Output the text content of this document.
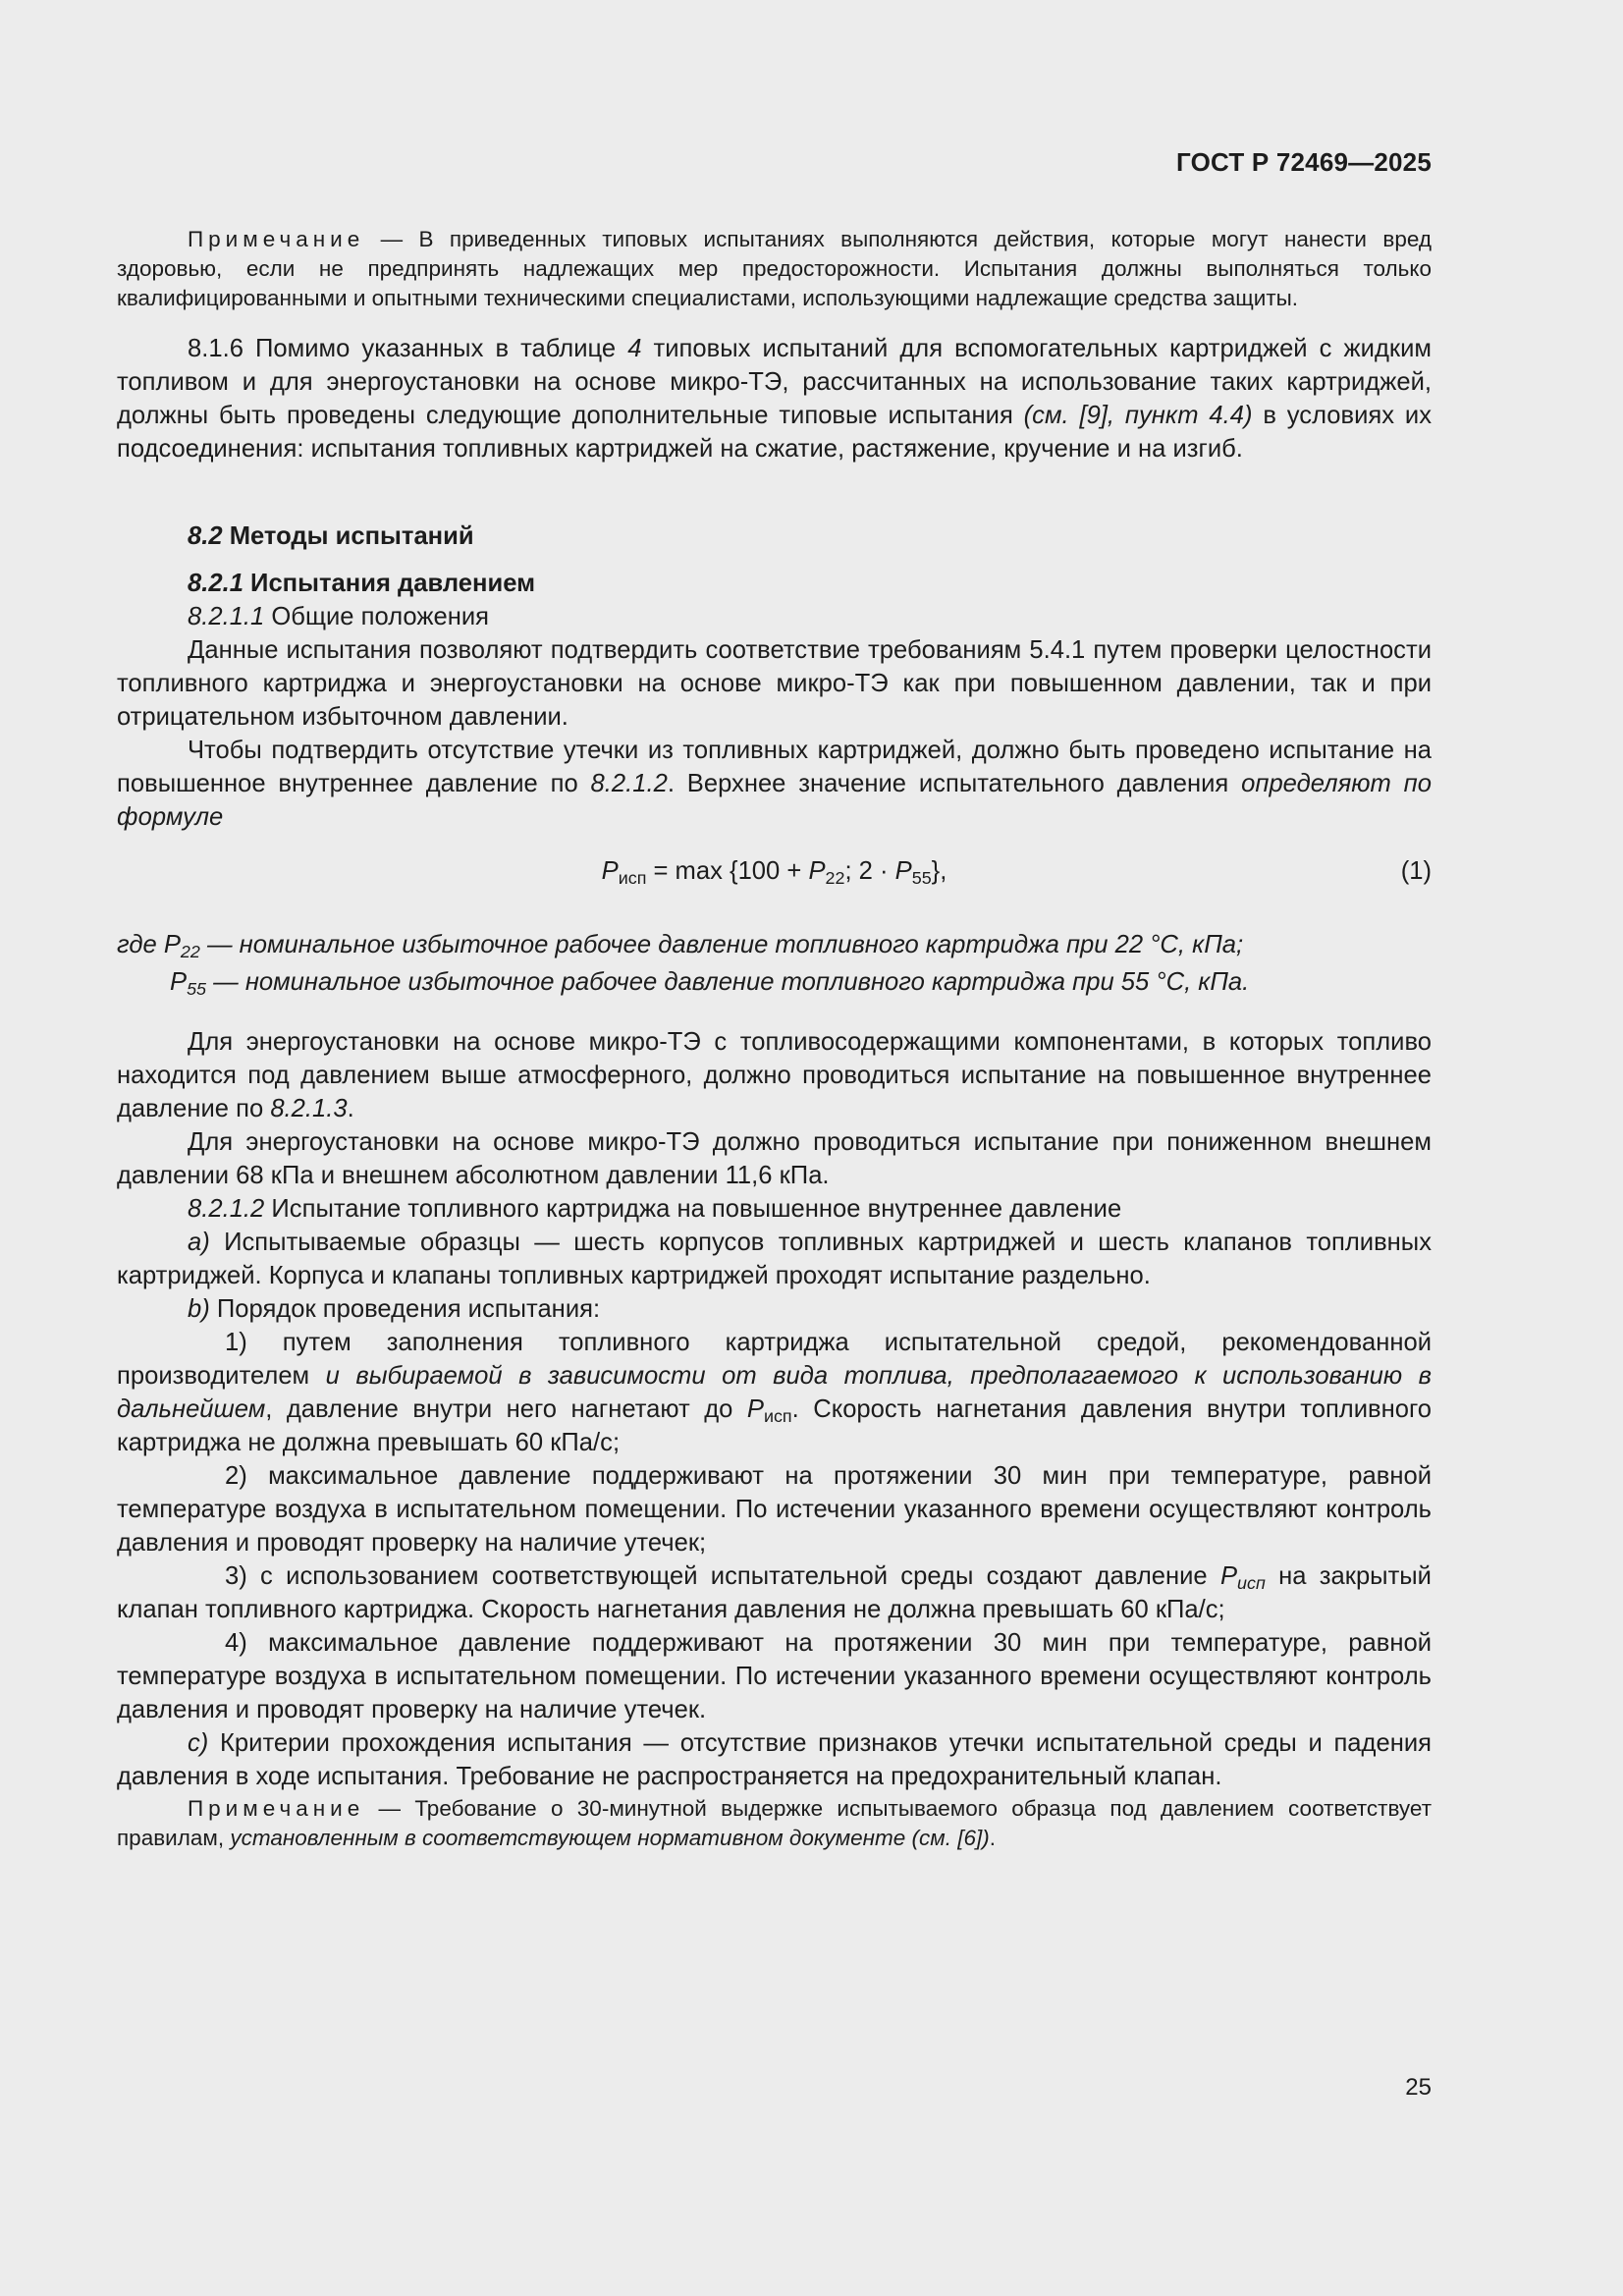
ГОСТ Р 72469—2025

Примечание — В приведенных типовых испытаниях выполняются действия, которые могут нанести вред здоровью, если не предпринять надлежащих мер предосторожности. Испытания должны выполняться только квалифицированными и опытными техническими специалистами, использующими надлежащие средства защиты.

8.1.6 Помимо указанных в таблице 4 типовых испытаний для вспомогательных картриджей с жидким топливом и для энергоустановки на основе микро-ТЭ, рассчитанных на использование таких картриджей, должны быть проведены следующие дополнительные типовые испытания (см. [9], пункт 4.4) в условиях их подсоединения: испытания топливных картриджей на сжатие, растяжение, кручение и на изгиб.

8.2 Методы испытаний
8.2.1 Испытания давлением
8.2.1.1 Общие положения

Данные испытания позволяют подтвердить соответствие требованиям 5.4.1 путем проверки целостности топливного картриджа и энергоустановки на основе микро-ТЭ как при повышенном давлении, так и при отрицательном избыточном давлении.

Чтобы подтвердить отсутствие утечки из топливных картриджей, должно быть проведено испытание на повышенное внутреннее давление по 8.2.1.2. Верхнее значение испытательного давления определяют по формуле

$P_{исп} = \max \{100 + P_{22}$; $2 \cdot P_{55}$},	(1)
где $P_{22}$ — номинальное избыточное рабочее давление топливного картриджа при 22 °C, кПа;
$P_{55}$ — номинальное избыточное рабочее давление топливного картриджа при 55 °C, кПа.

Для энергоустановки на основе микро-ТЭ с топливосодержащими компонентами, в которых топливо находится под давлением выше атмосферного, должно проводиться испытание на повышенное внутреннее давление по 8.2.1.3.

Для энергоустановки на основе микро-ТЭ должно проводиться испытание при пониженном внешнем давлении 68 кПа и внешнем абсолютном давлении 11,6 кПа.

8.2.1.2 Испытание топливного картриджа на повышенное внутреннее давление

a) Испытываемые образцы — шесть корпусов топливных картриджей и шесть клапанов топливных картриджей. Корпуса и клапаны топливных картриджей проходят испытание раздельно.

b) Порядок проведения испытания:

1) путем заполнения топливного картриджа испытательной средой, рекомендованной производителем и выбираемой в зависимости от вида топлива, предполагаемого к использованию в дальнейшем, давление внутри него нагнетают до $P_{исп}$. Скорость нагнетания давления внутри топливного картриджа не должна превышать 60 кПа/с;

2) максимальное давление поддерживают на протяжении 30 мин при температуре, равной температуре воздуха в испытательном помещении. По истечении указанного времени осуществляют контроль давления и проводят проверку на наличие утечек;

3) с использованием соответствующей испытательной среды создают давление $P_{исп}$ на закрытый клапан топливного картриджа. Скорость нагнетания давления не должна превышать 60 кПа/с;

4) максимальное давление поддерживают на протяжении 30 мин при температуре, равной температуре воздуха в испытательном помещении. По истечении указанного времени осуществляют контроль давления и проводят проверку на наличие утечек.

c) Критерии прохождения испытания — отсутствие признаков утечки испытательной среды и падения давления в ходе испытания. Требование не распространяется на предохранительный клапан.

Примечание — Требование о 30-минутной выдержке испытываемого образца под давлением соответствует правилам, установленным в соответствующем нормативном документе (см. [6]).

25
